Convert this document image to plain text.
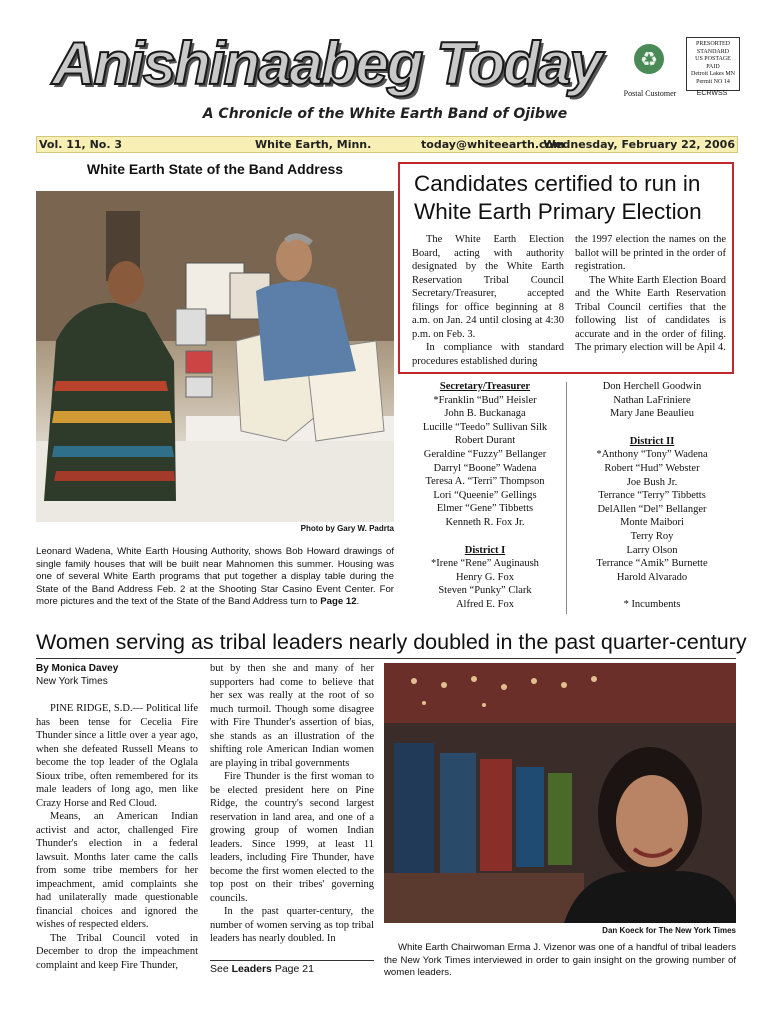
Anishinaabeg Today	♻
Postal Customer
PRESORTED
STANDARD
US POSTAGE
PAID
Detroit Lakes MN
Permit NO 14
ECRWSS
A Chronicle of the White Earth Band of Ojibwe
Vol. 11, No. 3	White Earth, Minn.	today@whiteearth.com
Wednesday, February 22, 2006
White Earth State of the Band Address
Photo by Gary W. Padrta
Leonard Wadena, White Earth Housing Authority, shows Bob Howard drawings of single family houses that will be built near Mahnomen this summer. Housing was one of several White Earth programs that put together a display table during the State of the Band Address Feb. 2 at the Shooting Star Casino Event Center. For more pictures and the text of the State of the Band Address turn to Page 12.
Candidates certified to run in
White Earth Primary Election

The White Earth Election Board, acting with authority designated by the White Earth Reservation Tribal Council Secretary/Treasurer, accepted filings for office beginning at 8 a.m. on Jan. 24 until closing at 4:30 p.m. on Feb. 3.

In compliance with standard procedures established during

the 1997 election the names on the ballot will be printed in the order of registration.

The White Earth Election Board and the White Earth Reservation Tribal Council certifies that the following list of candidates is accurate and in the order of filing. The primary election will be Apil 4.

Secretary/Treasurer
*Franklin “Bud” Heisler
John B. Buckanaga
Lucille “Teedo” Sullivan Silk
Robert Durant
Geraldine “Fuzzy” Bellanger
Darryl “Boone” Wadena
Teresa A. “Terri” Thompson
Lori “Queenie” Gellings
Elmer “Gene” Tibbetts
Kenneth R. Fox Jr.
District I
*Irene “Rene” Auginaush
Henry G. Fox
Steven “Punky” Clark
Alfred E. Fox
Don Herchell Goodwin
Nathan LaFriniere
Mary Jane Beaulieu
District II
*Anthony “Tony” Wadena
Robert “Hud” Webster
Joe Bush Jr.
Terrance “Terry” Tibbetts
DelAllen “Del” Bellanger
Monte Maibori
Terry Roy
Larry Olson
Terrance “Amik” Burnette
Harold Alvarado
* Incumbents
Women serving as tribal leaders nearly doubled in the past quarter-century
By Monica Davey
New York Times

PINE RIDGE, S.D.— Political life has been tense for Cecelia Fire Thunder since a little over a year ago, when she defeated Russell Means to become the top leader of the Oglala Sioux tribe, often remembered for its male leaders of long ago, men like Crazy Horse and Red Cloud.

Means, an American Indian activist and actor, challenged Fire Thunder's election in a federal lawsuit. Months later came the calls from some tribe members for her impeachment, amid complaints she had unilaterally made questionable financial choices and ignored the wishes of respected elders.

The Tribal Council voted in December to drop the impeachment complaint and keep Fire Thunder,

but by then she and many of her supporters had come to believe that her sex was really at the root of so much turmoil. Though some disagree with Fire Thunder's assertion of bias, she stands as an illustration of the shifting role American Indian women are playing in tribal governments

Fire Thunder is the first woman to be elected president here on Pine Ridge, the country's second largest reservation in land area, and one of a growing group of women Indian leaders. Since 1999, at least 11 leaders, including Fire Thunder, have become the first women elected to the top post on their tribes' governing councils.

In the past quarter-century, the number of women serving as top tribal leaders has nearly doubled. In

See Leaders Page 21
Dan Koeck for The New York Times
White Earth Chairwoman Erma J. Vizenor was one of a handful of tribal leaders the New York Times interviewed in order to gain insight on the growing number of women leaders.
